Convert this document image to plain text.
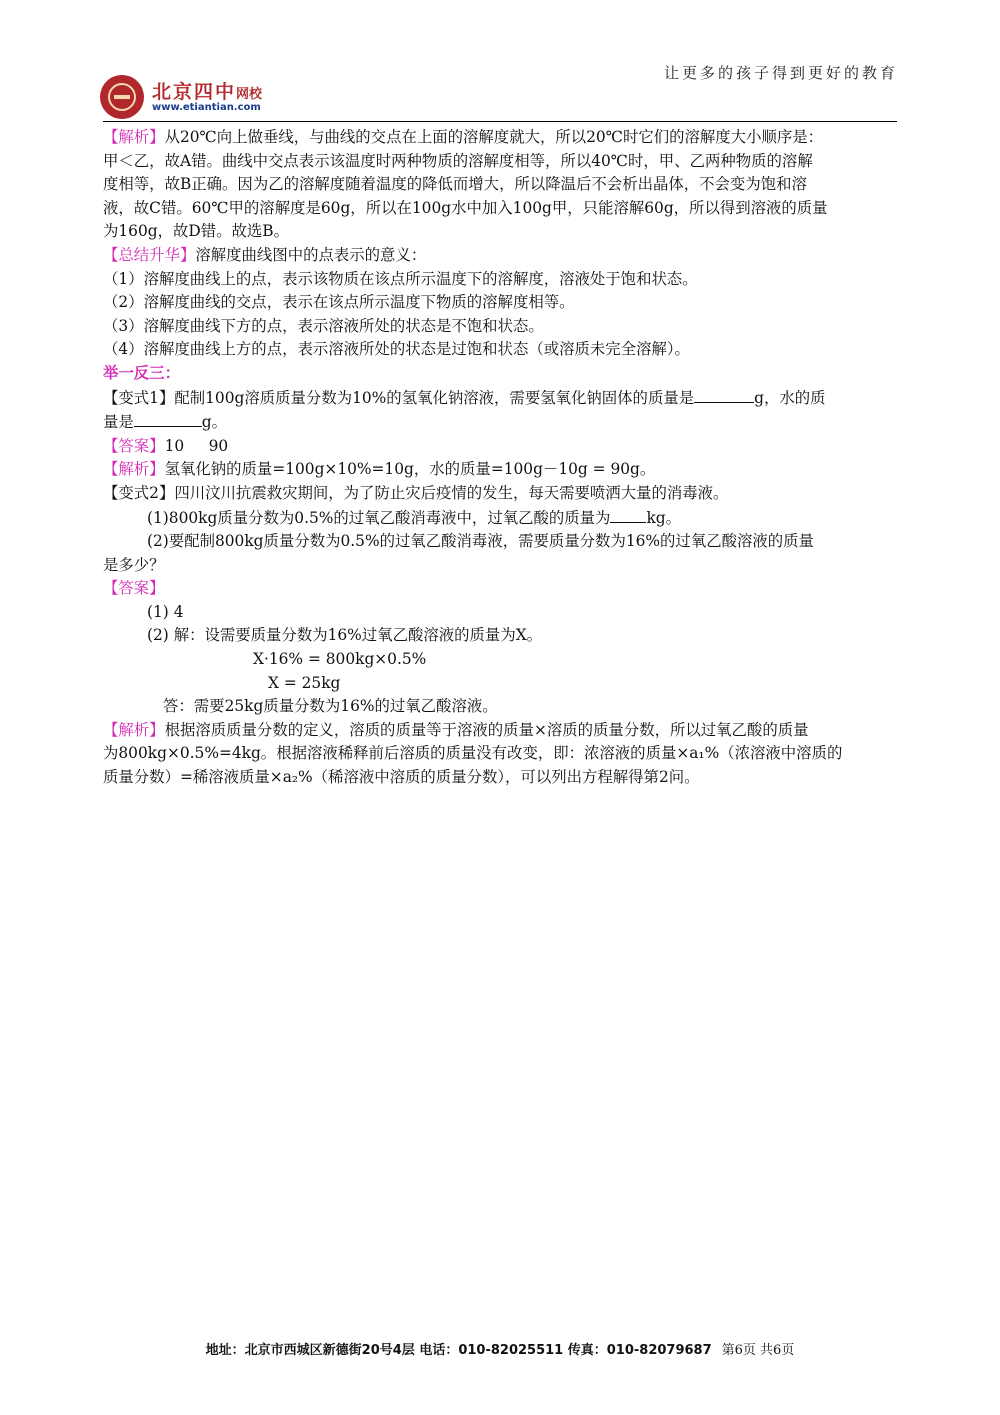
让更多的孩子得到更好的教育
北京四中网校
www.etiantian.com

【解析】从20℃向上做垂线，与曲线的交点在上面的溶解度就大，所以20℃时它们的溶解度大小顺序是：

甲＜乙，故A错。曲线中交点表示该温度时两种物质的溶解度相等，所以40℃时，甲、乙两种物质的溶解

度相等，故B正确。因为乙的溶解度随着温度的降低而增大，所以降温后不会析出晶体，不会变为饱和溶

液，故C错。60℃甲的溶解度是60g，所以在100g水中加入100g甲，只能溶解60g，所以得到溶液的质量

为160g，故D错。故选B。

【总结升华】溶解度曲线图中的点表示的意义：

（1）溶解度曲线上的点，表示该物质在该点所示温度下的溶解度，溶液处于饱和状态。

（2）溶解度曲线的交点，表示在该点所示温度下物质的溶解度相等。

（3）溶解度曲线下方的点，表示溶液所处的状态是不饱和状态。

（4）溶解度曲线上方的点，表示溶液所处的状态是过饱和状态（或溶质未完全溶解）。

举一反三：

【变式1】配制100g溶质质量分数为10%的氢氧化钠溶液，需要氢氧化钠固体的质量是	g，水的质

量是	g。

【答案】10     90

【解析】氢氧化钠的质量=100g×10%=10g，水的质量=100g－10g = 90g。

【变式2】四川汶川抗震救灾期间，为了防止灾后疫情的发生，每天需要喷洒大量的消毒液。

(1)800kg质量分数为0.5%的过氧乙酸消毒液中，过氧乙酸的质量为 kg。

(2)要配制800kg质量分数为0.5%的过氧乙酸消毒液，需要质量分数为16%的过氧乙酸溶液的质量

是多少？

【答案】

(1) 4

(2) 解：设需要质量分数为16%过氧乙酸溶液的质量为X。

X·16% = 800kg×0.5%

X = 25kg

答：需要25kg质量分数为16%的过氧乙酸溶液。

【解析】根据溶质质量分数的定义，溶质的质量等于溶液的质量×溶质的质量分数，所以过氧乙酸的质量

为800kg×0.5%=4kg。根据溶液稀释前后溶质的质量没有改变，即：浓溶液的质量×a₁%（浓溶液中溶质的

质量分数）=稀溶液质量×a₂%（稀溶液中溶质的质量分数），可以列出方程解得第2问。

地址：北京市西城区新德街20号4层 电话：010-82025511 传真：010-82079687 第6页 共6页
